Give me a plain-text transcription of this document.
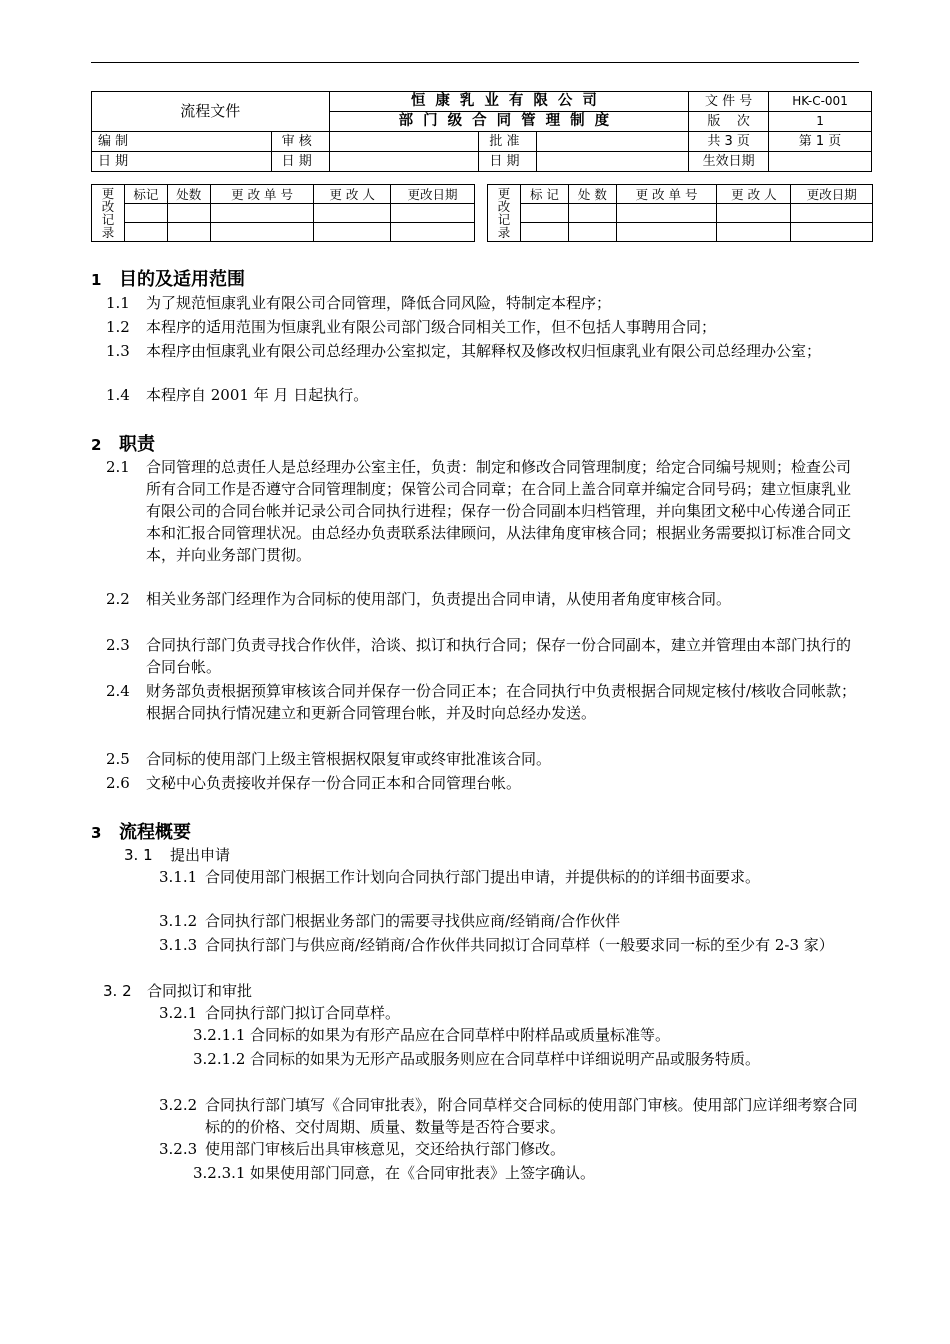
流程文件		恒康乳业有限公司			文 件 号	HK-C-001
		部门级合同管理制度			版    次	1
编 制	审 核		批 准		共 3 页	第 1 页
日 期	日 期		日 期		生效日期	
更改记录	标记	处数	更 改 单 号	更 改 人	更改日期

					更改记录	标 记	处 数	更 改 单 号	更 改 人	更改日期

1 目的及适用范围
1.1	为了规范恒康乳业有限公司合同管理，降低合同风险，特制定本程序；
1.2	本程序的适用范围为恒康乳业有限公司部门级合同相关工作，但不包括人事聘用合同；
1.3	本程序由恒康乳业有限公司总经理办公室拟定，其解释权及修改权归恒康乳业有限公司总经理办公室；
1.4	本程序自 2001 年 月 日起执行。
2 职责
2.1	合同管理的总责任人是总经理办公室主任，负责：制定和修改合同管理制度；给定合同编号规则；检查公司所有合同工作是否遵守合同管理制度；保管公司合同章；在合同上盖合同章并编定合同号码；建立恒康乳业有限公司的合同台帐并记录公司合同执行进程；保存一份合同副本归档管理，并向集团文秘中心传递合同正本和汇报合同管理状况。由总经办负责联系法律顾问，从法律角度审核合同；根据业务需要拟订标准合同文本，并向业务部门贯彻。
2.2	相关业务部门经理作为合同标的使用部门，负责提出合同申请，从使用者角度审核合同。
2.3	合同执行部门负责寻找合作伙伴，洽谈、拟订和执行合同；保存一份合同副本，建立并管理由本部门执行的合同台帐。
2.4	财务部负责根据预算审核该合同并保存一份合同正本；在合同执行中负责根据合同规定核付/核收合同帐款；根据合同执行情况建立和更新合同管理台帐，并及时向总经办发送。
2.5	合同标的使用部门上级主管根据权限复审或终审批准该合同。
2.6	文秘中心负责接收并保存一份合同正本和合同管理台帐。
3 流程概要
3. 1	提出申请
3.1.1 合同使用部门根据工作计划向合同执行部门提出申请，并提供标的的详细书面要求。
3.1.2 合同执行部门根据业务部门的需要寻找供应商/经销商/合作伙伴
3.1.3 合同执行部门与供应商/经销商/合作伙伴共同拟订合同草样（一般要求同一标的至少有 2-3 家）
3. 2	合同拟订和审批
3.2.1 合同执行部门拟订合同草样。
3.2.1.1 合同标的如果为有形产品应在合同草样中附样品或质量标准等。
3.2.1.2 合同标的如果为无形产品或服务则应在合同草样中详细说明产品或服务特质。
3.2.2 合同执行部门填写《合同审批表》，附合同草样交合同标的使用部门审核。使用部门应详细考察合同标的的价格、交付周期、质量、数量等是否符合要求。
3.2.3 使用部门审核后出具审核意见，交还给执行部门修改。
3.2.3.1 如果使用部门同意，在《合同审批表》上签字确认。
